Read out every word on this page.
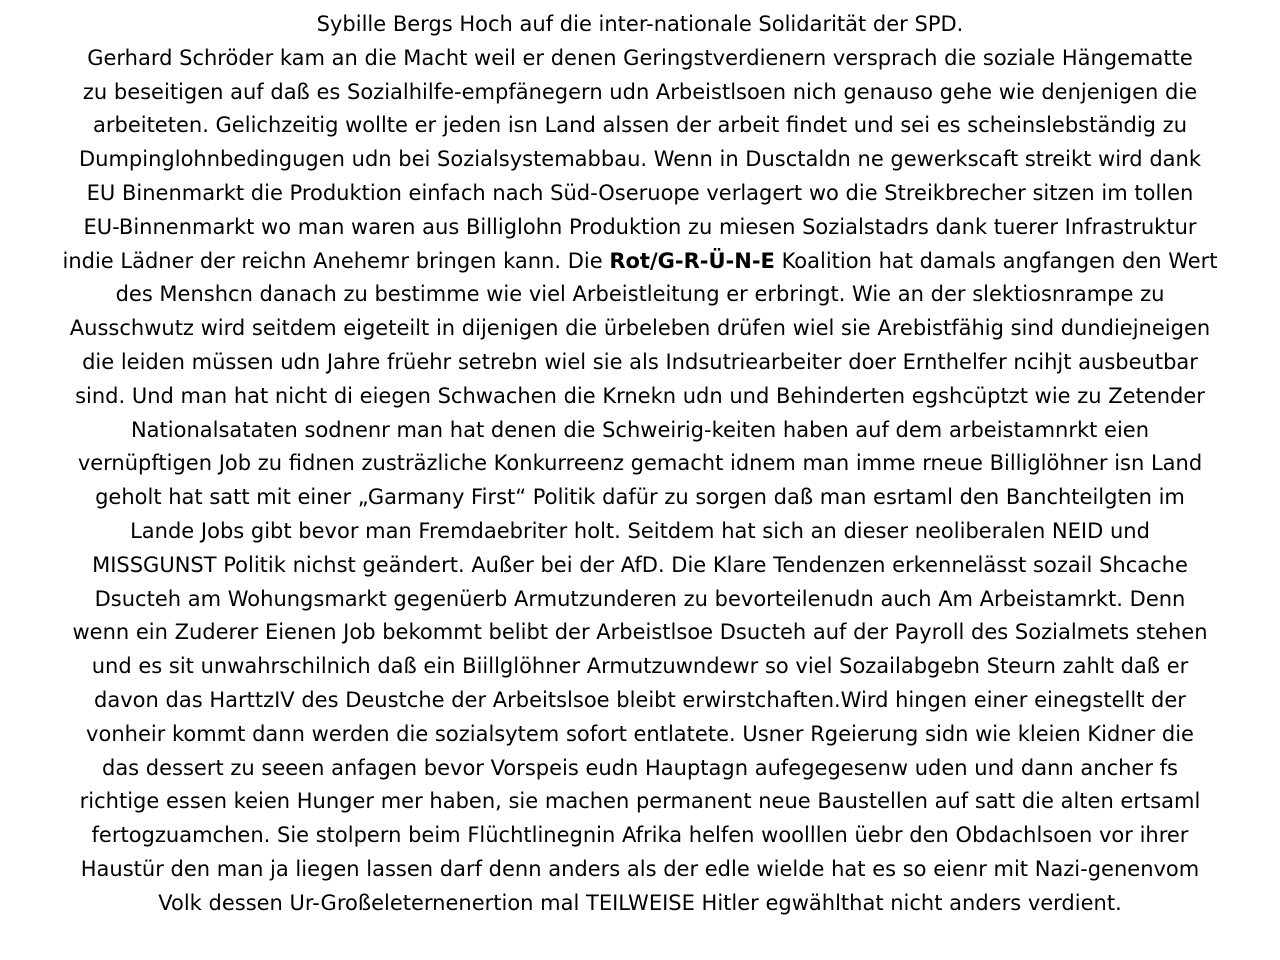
Sybille Bergs Hoch auf die inter-nationale Solidarität der SPD.
Gerhard Schröder kam an die Macht weil er denen Geringstverdienern versprach die soziale Hängematte
zu beseitigen auf daß es Sozialhilfe-empfänegern udn Arbeistlsoen nich genauso gehe wie denjenigen die
arbeiteten. Gelichzeitig wollte er jeden isn Land alssen der arbeit findet und sei es scheinslebständig zu
Dumpinglohnbedingugen udn bei Sozialsystemabbau. Wenn in Dusctaldn ne gewerkscaft streikt wird dank
EU Binenmarkt die Produktion einfach nach Süd-Oseruope verlagert wo die Streikbrecher sitzen im tollen
EU-Binnenmarkt wo man waren aus Billiglohn Produktion zu miesen Sozialstadrs dank tuerer Infrastruktur
indie Lädner der reichn Anehemr bringen kann. Die Rot/G-R-Ü-N-E Koalition hat damals angfangen den Wert
des Menshcn danach zu bestimme wie viel Arbeistleitung er erbringt. Wie an der slektiosnrampe zu
Ausschwutz wird seitdem eigeteilt in dijenigen die ürbeleben drüfen wiel sie Arebistfähig sind dundiejneigen
die leiden müssen udn Jahre früehr setrebn wiel sie als Indsutriearbeiter doer Ernthelfer ncihjt ausbeutbar
sind. Und man hat nicht di eiegen Schwachen die Krnekn udn und Behinderten egshcüptzt wie zu Zetender
Nationalsataten sodnenr man hat denen die Schweirig-keiten haben auf dem arbeistamnrkt eien
vernüpftigen Job zu fidnen zusträzliche Konkurreenz gemacht idnem man imme rneue Billiglöhner isn Land
geholt hat satt mit einer „Garmany First“ Politik dafür zu sorgen daß man esrtaml den Banchteilgten im
Lande Jobs gibt bevor man Fremdaebriter holt. Seitdem hat sich an dieser neoliberalen NEID und
MISSGUNST Politik nichst geändert. Außer bei der AfD. Die Klare Tendenzen erkennelässt sozail Shcache
Dsucteh am Wohungsmarkt gegenüerb Armutzunderen zu bevorteilenudn auch Am Arbeistamrkt. Denn
wenn ein Zuderer Eienen Job bekommt belibt der Arbeistlsoe Dsucteh auf der Payroll des Sozialmets stehen
und es sit unwahrschilnich daß ein Biillglöhner Armutzuwndewr so viel Sozailabgebn Steurn zahlt daß er
davon das HarttzIV des Deustche der Arbeitslsoe bleibt erwirstchaften.Wird hingen einer einegstellt der
vonheir kommt dann werden die sozialsytem sofort entlatete. Usner Rgeierung sidn wie kleien Kidner die
das dessert zu seeen anfagen bevor Vorspeis eudn Hauptagn aufegegesenw uden und dann ancher fs
richtige essen keien Hunger mer haben, sie machen permanent neue Baustellen auf satt die alten ertsaml
fertogzuamchen. Sie stolpern beim Flüchtlinegnin Afrika helfen woolllen üebr den Obdachlsoen vor ihrer
Haustür den man ja liegen lassen darf denn anders als der edle wielde hat es so eienr mit Nazi-genenvom
Volk dessen Ur-Großeleternenertion mal TEILWEISE Hitler egwählthat nicht anders verdient.
